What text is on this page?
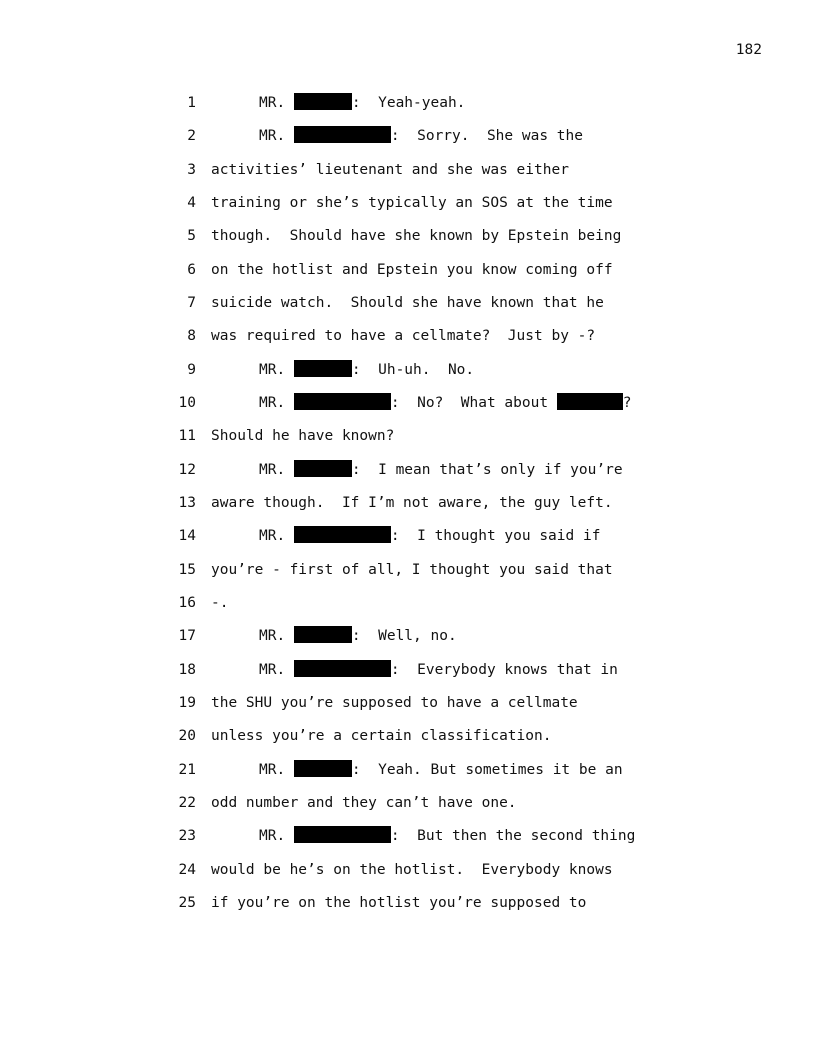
182
1	MR.	:  Yeah-yeah.
2	MR.	:  Sorry.  She was the
3 activities’ lieutenant and she was either
4 training or she’s typically an SOS at the time
5 though.  Should have she known by Epstein being
6 on the hotlist and Epstein you know coming off
7 suicide watch.  Should she have known that he
8 was required to have a cellmate?  Just by -?
9	MR.	:  Uh-uh.  No.
10	MR.	:  No?  What about	?
11 Should he have known?
12	MR.	:  I mean that’s only if you’re
13 aware though.  If I’m not aware, the guy left.
14	MR.	:  I thought you said if
15 you’re - first of all, I thought you said that
16 -.
17	MR.	:  Well, no.
18	MR.	:  Everybody knows that in
19 the SHU you’re supposed to have a cellmate
20 unless you’re a certain classification.
21	MR.	:  Yeah. But sometimes it be an
22 odd number and they can’t have one.
23	MR.	:  But then the second thing
24 would be he’s on the hotlist.  Everybody knows
25 if you’re on the hotlist you’re supposed to
